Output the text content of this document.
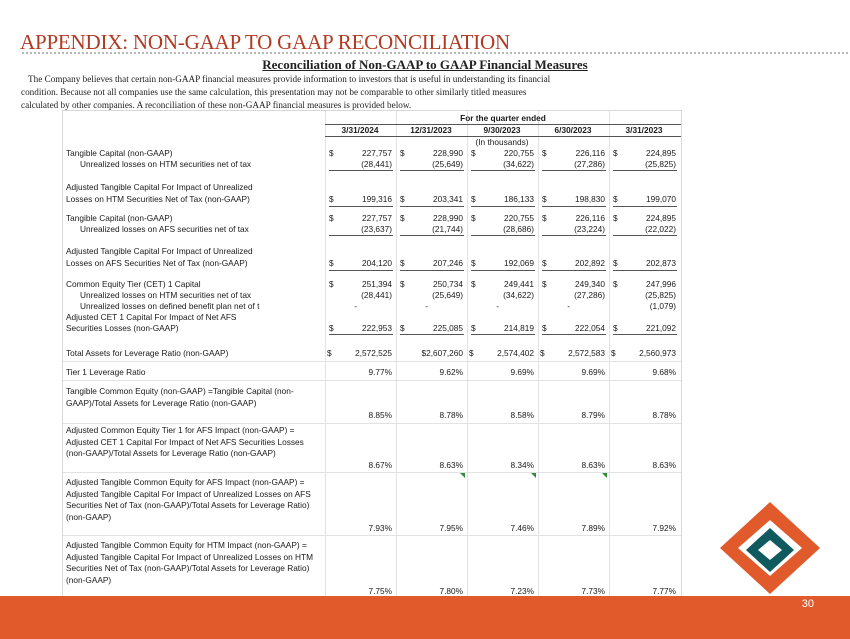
APPENDIX: NON-GAAP TO GAAP RECONCILIATION
Reconciliation of Non-GAAP to GAAP Financial Measures
The Company believes that certain non-GAAP financial measures provide information to investors that is useful in understanding its financial
condition. Because not all companies use the same calculation, this presentation may not be comparable to other similarly titled measures
calculated by other companies. A reconciliation of these non-GAAP financial measures is provided below.
For the quarter ended
3/31/2024	12/31/2023	9/30/2023	6/30/2023	3/31/2023
(In thousands)
Tangible Capital (non-GAAP)	$	227,757 $	228,990 $	220,755 $	226,116 $	224,895
Unrealized losses on HTM securities net of tax	(28,441)	(25,649)	(34,622)	(27,286)	(25,825)
Adjusted Tangible Capital For Impact of Unrealized
Losses on HTM Securities Net of Tax (non-GAAP)	$	199,316 $	203,341 $	186,133 $	198,830 $	199,070
Tangible Capital (non-GAAP)	$	227,757 $	228,990 $	220,755 $	226,116 $	224,895
Unrealized losses on AFS securities net of tax	(23,637)	(21,744)	(28,686)	(23,224)	(22,022)
Adjusted Tangible Capital For Impact of Unrealized
Losses on AFS Securities Net of Tax (non-GAAP)	$	204,120 $	207,246 $	192,069 $	202,892 $	202,873
Common Equity Tier (CET) 1 Capital	$	251,394 $	250,734 $	249,441 $	249,340 $	247,996
Unrealized losses on HTM securities net of tax	(28,441)	(25,649)	(34,622)	(27,286)	(25,825)
Unrealized losses on defined benefit plan net of t	-	-	-	-	(1,079)
Adjusted CET 1 Capital For Impact of Net AFS
Securities Losses (non-GAAP)	$	222,953 $	225,085 $	214,819 $	222,054 $	221,092
Total Assets for Leverage Ratio (non-GAAP)	$	2,572,525	$2,607,260 $	2,574,402 $	2,572,583 $	2,560,973
Tier 1 Leverage Ratio	9.77%	9.62%	9.69%	9.69%	9.68%
Tangible Common Equity (non-GAAP) =Tangible Capital (non-GAAP)/Total Assets for Leverage Ratio (non-GAAP)
8.85%	8.78%	8.58%	8.79%	8.78%
Adjusted Common Equity Tier 1 for AFS Impact (non-GAAP) = Adjusted CET 1 Capital For Impact of Net AFS Securities Losses (non-GAAP)/Total Assets for Leverage Ratio (non-GAAP)
8.67%	8.63%	8.34%	8.63%	8.63%
Adjusted Tangible Common Equity for AFS Impact (non-GAAP) = Adjusted Tangible Capital For Impact of Unrealized Losses on AFS Securities Net of Tax (non-GAAP)/Total Assets for Leverage Ratio) (non-GAAP)
7.93%	7.95%	7.46%	7.89%	7.92%
Adjusted Tangible Common Equity for HTM Impact (non-GAAP) = Adjusted Tangible Capital For Impact of Unrealized Losses on HTM Securities Net of Tax (non-GAAP)/Total Assets for Leverage Ratio) (non-GAAP)
7.75%	7.80%	7.23%	7.73%	7.77%
30
